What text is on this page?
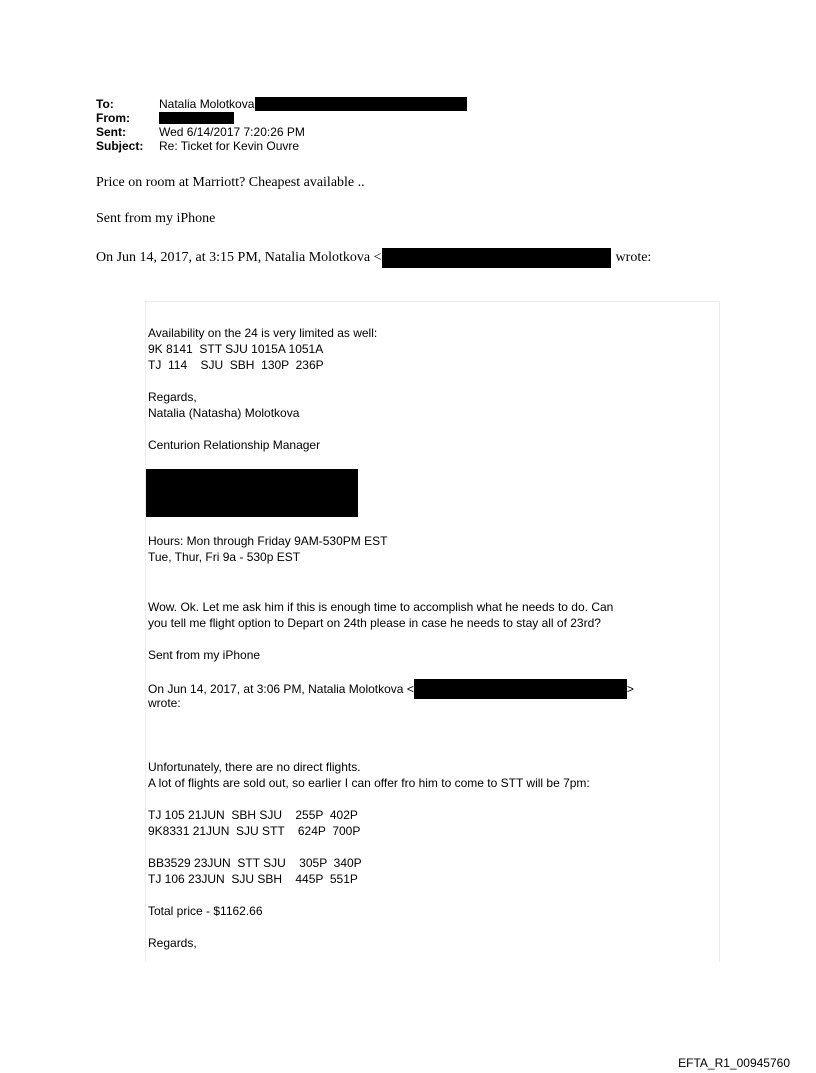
To:	Natalia Molotkova
From:
Sent:	Wed 6/14/2017 7:20:26 PM
Subject:	Re: Ticket for Kevin Ouvre
Price on room at Marriott? Cheapest available ..
Sent from my iPhone
On Jun 14, 2017, at 3:15 PM, Natalia Molotkova <	wrote:
Availability on the 24 is very limited as well:
9K 8141  STT SJU 1015A 1051A
TJ  114    SJU  SBH  130P  236P
Regards,
Natalia (Natasha) Molotkova
Centurion Relationship Manager
Hours: Mon through Friday 9AM-530PM EST
Tue, Thur, Fri 9a - 530p EST
Wow. Ok. Let me ask him if this is enough time to accomplish what he needs to do. Can
you tell me flight option to Depart on 24th please in case he needs to stay all of 23rd?
Sent from my iPhone
On Jun 14, 2017, at 3:06 PM, Natalia Molotkova <	>
wrote:
Unfortunately, there are no direct flights.
A lot of flights are sold out, so earlier I can offer fro him to come to STT will be 7pm:
TJ 105 21JUN  SBH SJU    255P  402P
9K8331 21JUN  SJU STT    624P  700P
BB3529 23JUN  STT SJU    305P  340P
TJ 106 23JUN  SJU SBH    445P  551P
Total price - $1162.66
Regards,
EFTA_R1_00945760
